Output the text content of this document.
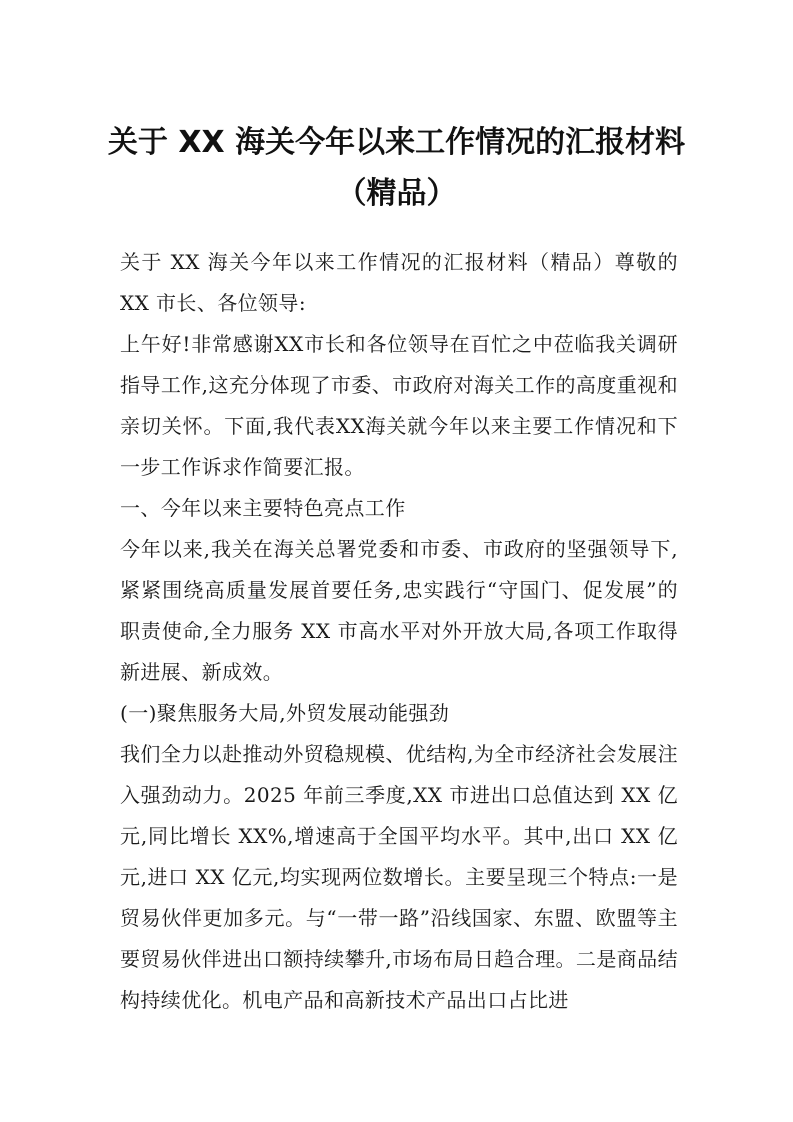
关于 XX 海关今年以来工作情况的汇报材料
（精品）

关于 XX 海关今年以来工作情况的汇报材料（精品）尊敬的 XX 市长、各位领导:

上午好!非常感谢XX市长和各位领导在百忙之中莅临我关调研指导工作,这充分体现了市委、市政府对海关工作的高度重视和亲切关怀。下面,我代表XX海关就今年以来主要工作情况和下一步工作诉求作简要汇报。

一、今年以来主要特色亮点工作

今年以来,我关在海关总署党委和市委、市政府的坚强领导下,紧紧围绕高质量发展首要任务,忠实践行“守国门、促发展”的职责使命,全力服务 XX 市高水平对外开放大局,各项工作取得新进展、新成效。

(一)聚焦服务大局,外贸发展动能强劲

我们全力以赴推动外贸稳规模、优结构,为全市经济社会发展注入强劲动力。2025 年前三季度,XX 市进出口总值达到 XX 亿元,同比增长 XX%,增速高于全国平均水平。其中,出口 XX 亿元,进口 XX 亿元,均实现两位数增长。主要呈现三个特点:一是贸易伙伴更加多元。与“一带一路”沿线国家、东盟、欧盟等主要贸易伙伴进出口额持续攀升,市场布局日趋合理。二是商品结构持续优化。机电产品和高新技术产品出口占比进
